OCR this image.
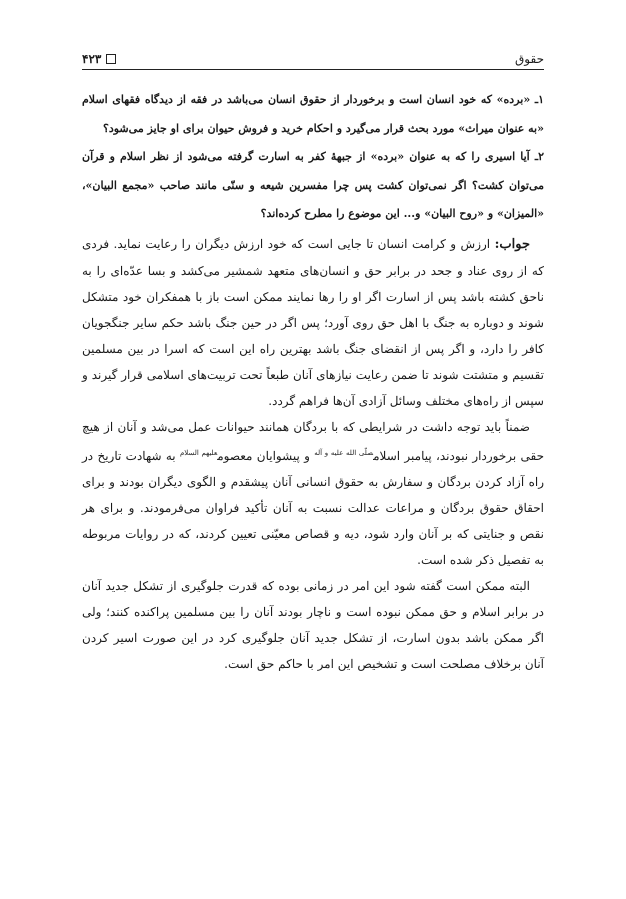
حقوق
۴۲۳

۱ـ «برده» كه خود انسان است و برخوردار از حقوق انسان مى‌باشد در فقه از ديدگاه فقهاى اسلام «به عنوان ميراث» مورد بحث قرار مى‌گيرد و احكام خريد و فروش حيوان براى او جايز مى‌شود؟

۲ـ آيا اسيرى را كه به عنوان «برده» از جبههٔ كفر به اسارت گرفته مى‌شود از نظر اسلام و قرآن مى‌توان كشت؟ اگر نمى‌توان كشت پس چرا مفسرين شيعه و سنّى مانند صاحب «مجمع البيان»، «الميزان» و «روح البيان» و... اين موضوع را مطرح كرده‌اند؟

جواب: ارزش و كرامت انسان تا جايى است كه خود ارزش ديگران را رعايت نمايد. فردى كه از روى عناد و جحد در برابر حق و انسان‌هاى متعهد شمشير مى‌كشد و بسا عدّه‌اى را به ناحق كشته باشد پس از اسارت اگر او را رها نمايند ممكن است باز با همفكران خود متشكل شوند و دوباره به جنگ با اهل حق روى آورد؛ پس اگر در حين جنگ باشد حكم ساير جنگجويان كافر را دارد، و اگر پس از انقضاى جنگ باشد بهترين راه اين است كه اسرا در بين مسلمين تقسيم و متشتت شوند تا ضمن رعايت نيازهاى آنان طبعاً تحت تربيت‌هاى اسلامى قرار گيرند و سپس از راه‌هاى مختلف وسائل آزادى آن‌ها فراهم گردد.

ضمناً بايد توجه داشت در شرايطى كه با بردگان همانند حيوانات عمل مى‌شد و آنان از هيچ حقى برخوردار نبودند، پيامبر اسلام$^{صلّی الله علیه و آله}$ و پيشوايان معصوم$^{علیهم السلام}$ به شهادت تاريخ در راه آزاد كردن بردگان و سفارش به حقوق انسانى آنان پيشقدم و الگوى ديگران بودند و براى احقاق حقوق بردگان و مراعات عدالت نسبت به آنان تأكيد فراوان مى‌فرمودند. و براى هر نقص و جنايتى كه بر آنان وارد شود، ديه و قصاص معيّنى تعيين كردند، كه در روايات مربوطه به تفصيل ذكر شده است.

البته ممكن است گفته شود اين امر در زمانى بوده كه قدرت جلوگيرى از تشكل جديد آنان در برابر اسلام و حق ممكن نبوده است و ناچار بودند آنان را بين مسلمين پراكنده كنند؛ ولى اگر ممكن باشد بدون اسارت، از تشكل جديد آنان جلوگيرى كرد در اين صورت اسير كردن آنان برخلاف مصلحت است و تشخيص اين امر با حاكم حق است.
